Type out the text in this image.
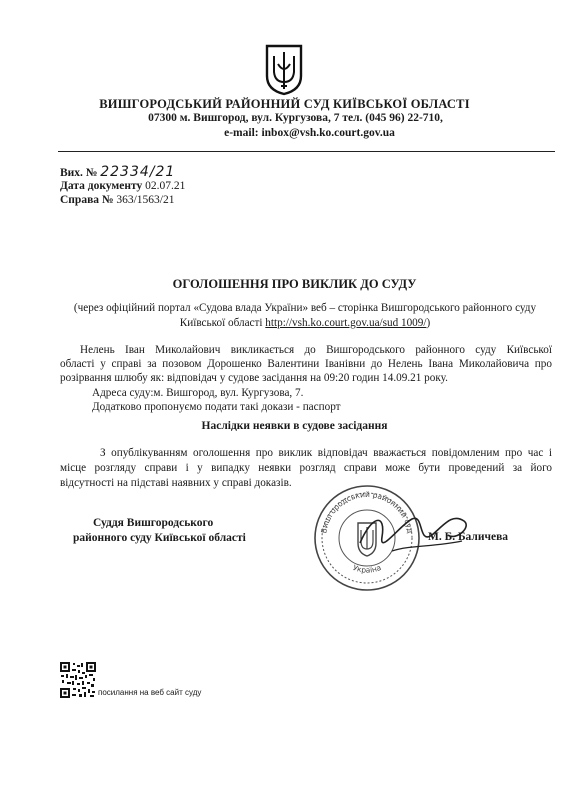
ВИШГОРОДСЬКИЙ РАЙОННИЙ СУД КИЇВСЬКОЇ ОБЛАСТІ
07300 м. Вишгород, вул. Кургузова, 7 тел. (045 96) 22-710,
e-mail: inbox@vsh.ko.court.gov.ua
Вих. № 22334/21
Дата документу 02.07.21
Справа № 363/1563/21
ОГОЛОШЕННЯ ПРО ВИКЛИК ДО СУДУ
(через офіційний портал «Судова влада України» веб – сторінка Вишгородського районного суду
Київської області http://vsh.ko.court.gov.ua/sud 1009/)
Нелень Іван Миколайович викликається до Вишгородського районного суду Київської
області у справі за позовом Дорошенко Валентини Іванівни до Нелень Івана Миколайовича про
розірвання шлюбу як: відповідач у судове засідання на 09:20 годин 14.09.21 року.
Адреса суду:м. Вишгород, вул. Кургузова, 7.
Додатково пропонуємо подати такі докази - паспорт
Наслідки неявки в судове засідання
З опублікуванням оголошення про виклик відповідач вважається повідомленим про час і
місце розгляду справи і у випадку неявки розгляд справи може бути проведений за його
відсутності на підставі наявних у справі доказів.
Суддя Вишгородського
районного суду Київської області
Вишгородський районний суд
Україна
М. Б. Баличева
посилання на веб сайт суду
